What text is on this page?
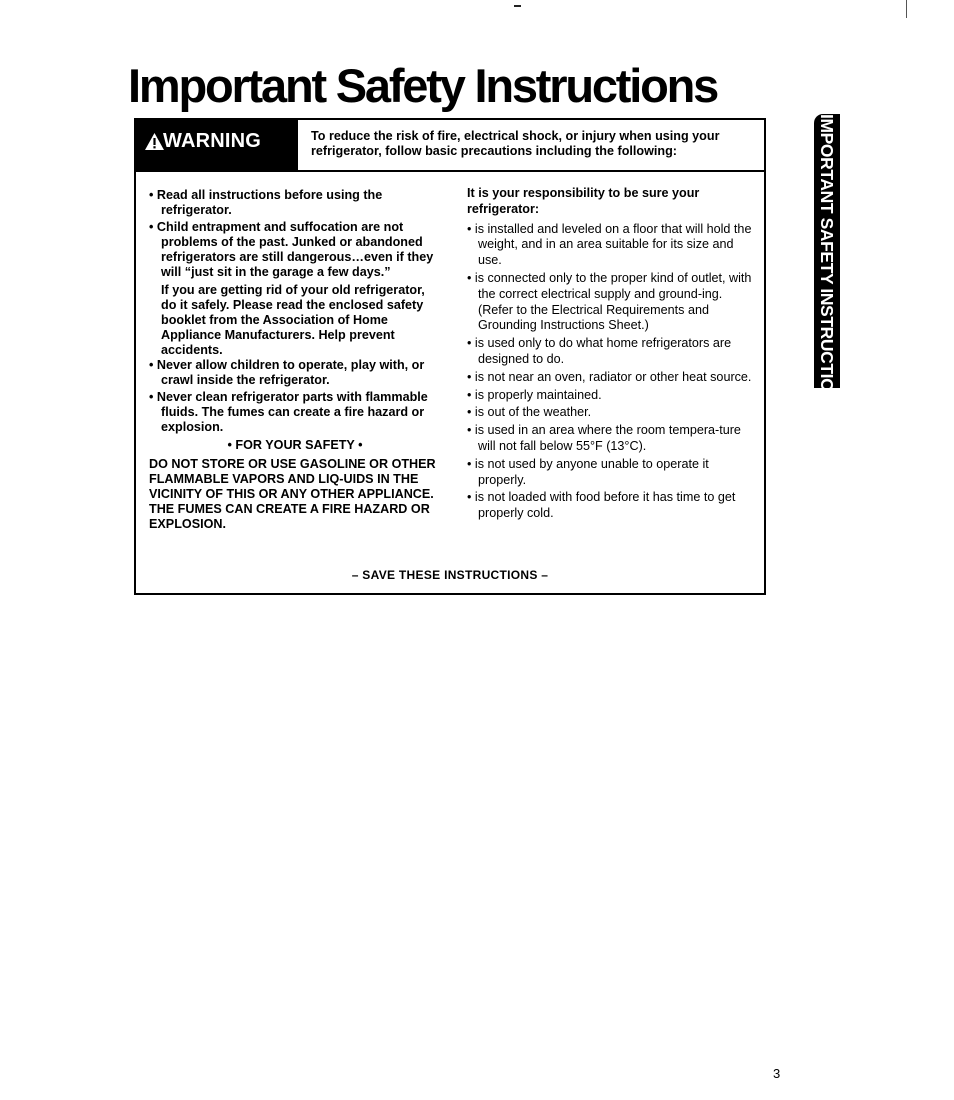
Important Safety Instructions
WARNING	To reduce the risk of fire, electrical shock, or injury when using your refrigerator, follow basic precautions including the following:

• Read all instructions before using the refrigerator.

• Child entrapment and suffocation are not problems of the past. Junked or abandoned refrigerators are still dangerous…even if they will “just sit in the garage a few days.”

If you are getting rid of your old refrigerator, do it safely. Please read the enclosed safety booklet from the Association of Home Appliance Manufacturers. Help prevent accidents.

• Never allow children to operate, play with, or crawl inside the refrigerator.

• Never clean refrigerator parts with flammable fluids. The fumes can create a fire hazard or explosion.

• FOR YOUR SAFETY •

DO NOT STORE OR USE GASOLINE OR OTHER FLAMMABLE VAPORS AND LIQ-UIDS IN THE VICINITY OF THIS OR ANY OTHER APPLIANCE. THE FUMES CAN CREATE A FIRE HAZARD OR EXPLOSION.

It is your responsibility to be sure your refrigerator:

• is installed and leveled on a floor that will hold the weight, and in an area suitable for its size and use.
• is connected only to the proper kind of outlet, with the correct electrical supply and ground-ing. (Refer to the Electrical Requirements and Grounding Instructions Sheet.)
• is used only to do what home refrigerators are designed to do.
• is not near an oven, radiator or other heat source.
• is properly maintained.
• is out of the weather.
• is used in an area where the room tempera-ture will not fall below 55°F (13°C).
• is not used by anyone unable to operate it properly.
• is not loaded with food before it has time to get properly cold.
– SAVE THESE INSTRUCTIONS –
IMPORTANT SAFETY INSTRUCTIONS
3
